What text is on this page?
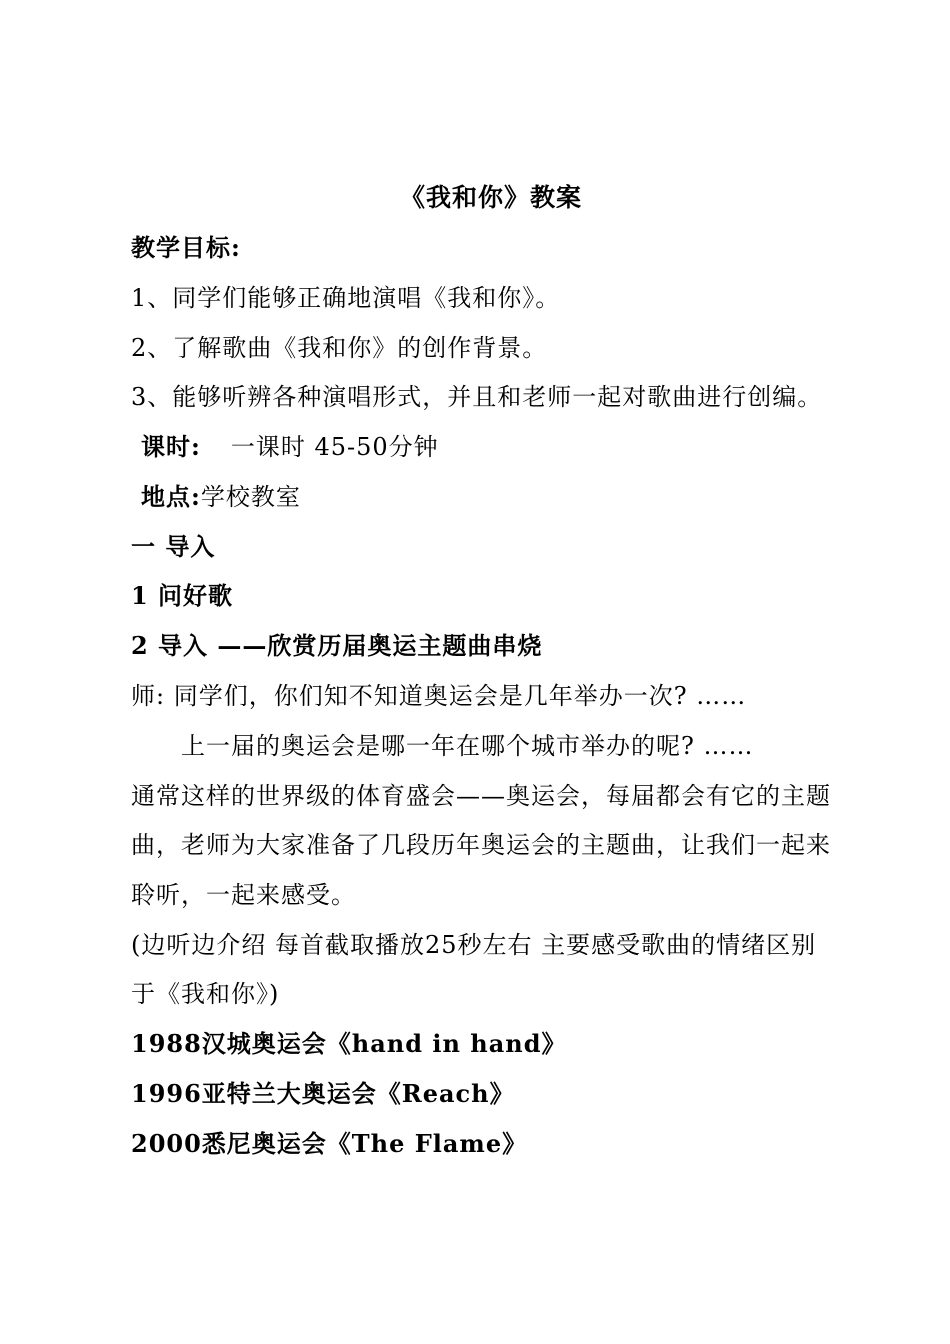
《我和你》教案
教学目标:
1、同学们能够正确地演唱《我和你》。
2、了解歌曲《我和你》的创作背景。
3、能够听辨各种演唱形式，并且和老师一起对歌曲进行创编。
课时: 一课时 45-50分钟
地点:学校教室
一 导入
1 问好歌
2 导入 ——欣赏历届奥运主题曲串烧
师: 同学们，你们知不知道奥运会是几年举办一次? ……
上一届的奥运会是哪一年在哪个城市举办的呢? ……
通常这样的世界级的体育盛会——奥运会，每届都会有它的主题
曲，老师为大家准备了几段历年奥运会的主题曲，让我们一起来
聆听，一起来感受。
(边听边介绍 每首截取播放25秒左右 主要感受歌曲的情绪区别
于《我和你》)
1988汉城奥运会《hand in hand》
1996亚特兰大奥运会《Reach》
2000悉尼奥运会《The Flame》
